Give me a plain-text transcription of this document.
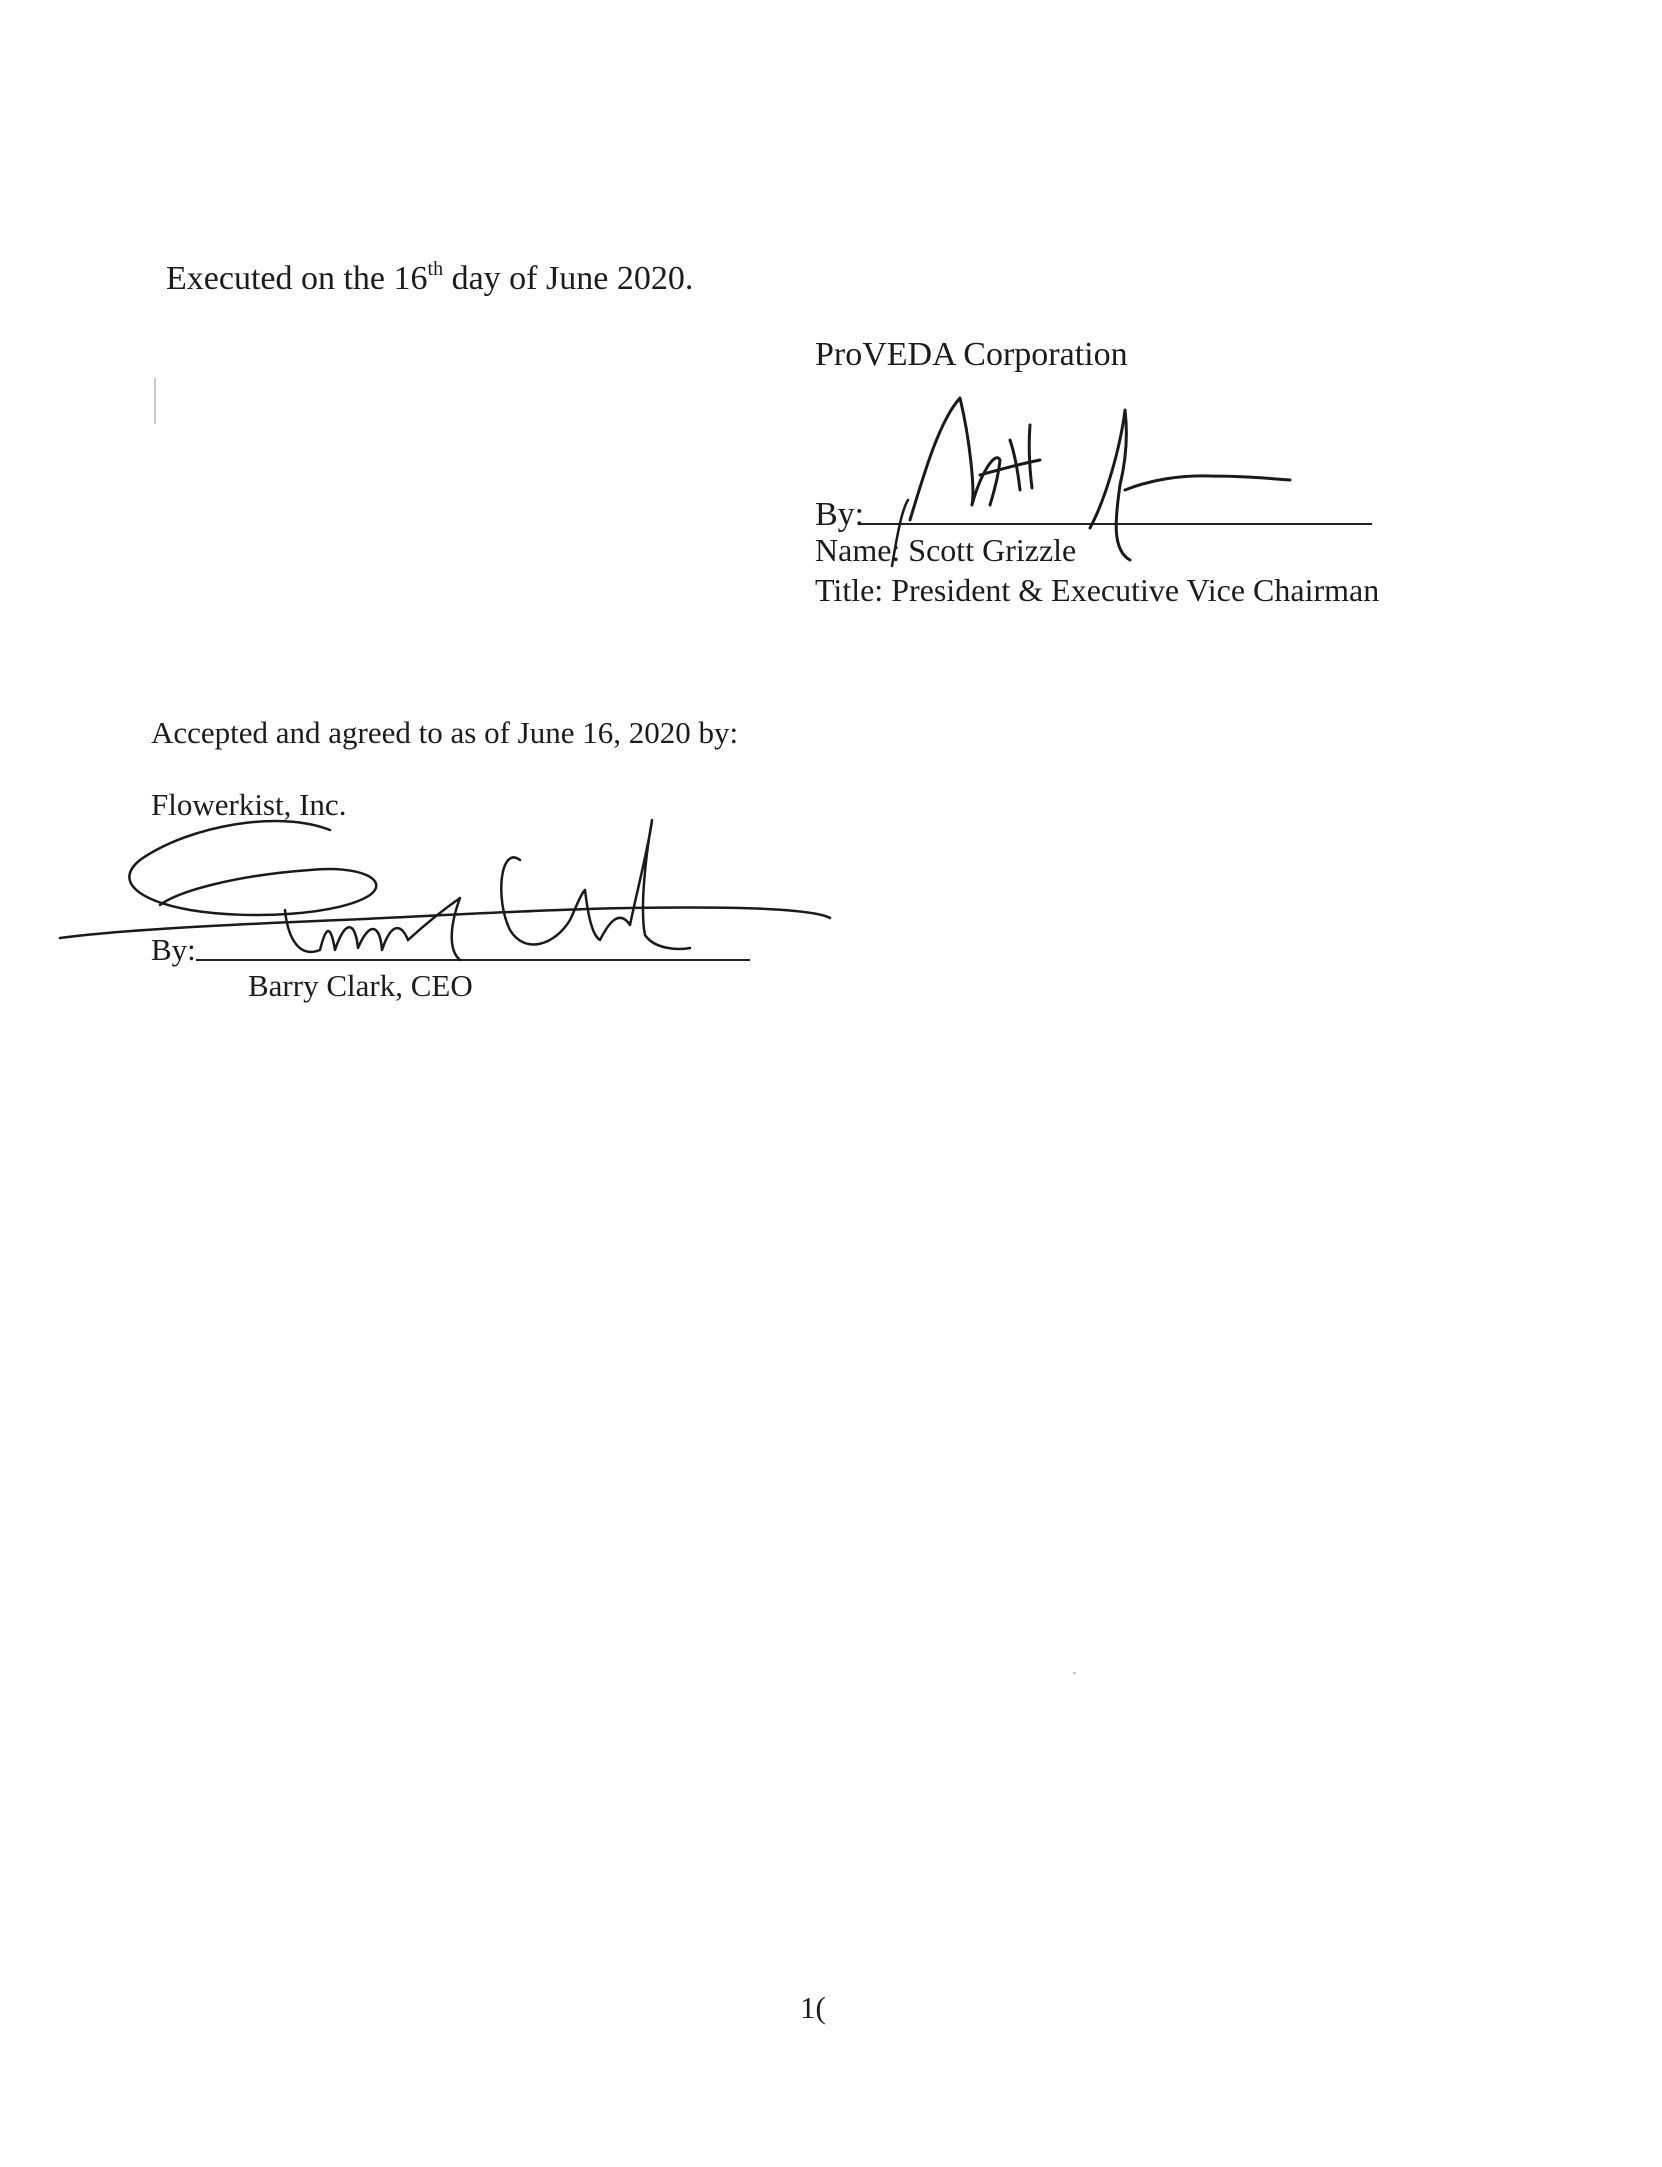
Executed on the 16th day of June 2020.
ProVEDA Corporation
By:
Name: Scott Grizzle
Title: President & Executive Vice Chairman
Accepted and agreed to as of June 16, 2020 by:
Flowerkist, Inc.
By:
Barry Clark, CEO
1(
